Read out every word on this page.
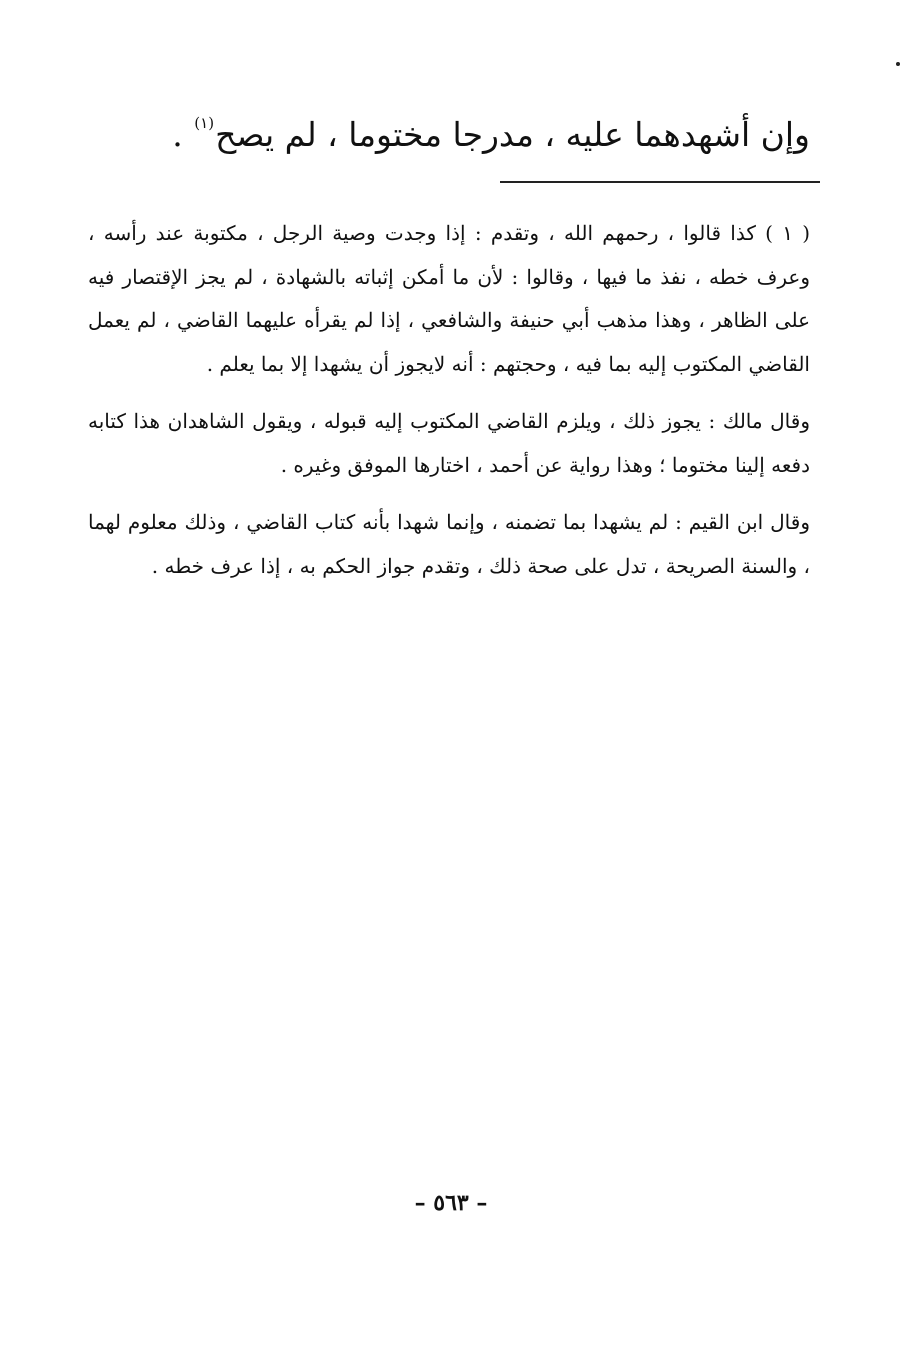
وإن أشهدهما عليه ، مدرجا مختوما ، لم يصح$^{(١)}$ .

( ١ ) كذا قالوا ، رحمهم الله ، وتقدم : إذا وجدت وصية الرجل ، مكتوبة عند رأسه ، وعرف خطه ، نفذ ما فيها ، وقالوا : لأن ما أمكن إثباته بالشهادة ، لم يجز الإقتصار فيه على الظاهر ، وهذا مذهب أبي حنيفة والشافعي ، إذا لم يقرأه عليهما القاضي ، لم يعمل القاضي المكتوب إليه بما فيه ، وحجتهم : أنه لايجوز أن يشهدا إلا بما يعلم .

وقال مالك : يجوز ذلك ، ويلزم القاضي المكتوب إليه قبوله ، ويقول الشاهدان هذا كتابه دفعه إلينا مختوما ؛ وهذا رواية عن أحمد ، اختارها الموفق وغيره .

وقال ابن القيم : لم يشهدا بما تضمنه ، وإنما شهدا بأنه كتاب القاضي ، وذلك معلوم لهما ، والسنة الصريحة ، تدل على صحة ذلك ، وتقدم جواز الحكم به ، إذا عرف خطه .

– ٥٦٣ –
